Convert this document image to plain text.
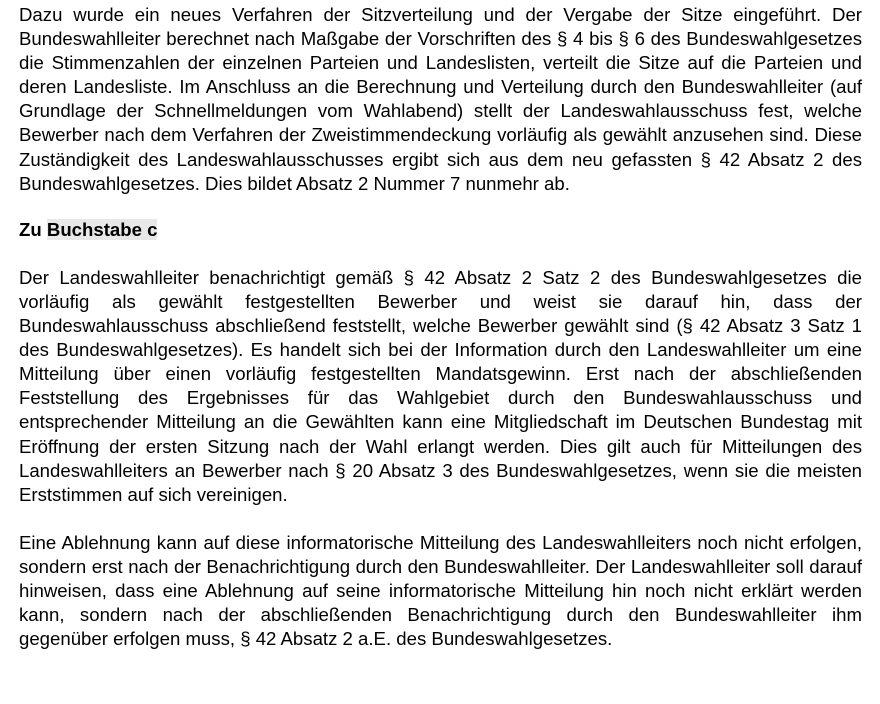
Dazu wurde ein neues Verfahren der Sitzverteilung und der Vergabe der Sitze eingeführt. Der Bundeswahlleiter berechnet nach Maßgabe der Vorschriften des § 4 bis § 6 des Bundeswahlgesetzes die Stimmenzahlen der einzelnen Parteien und Landeslisten, verteilt die Sitze auf die Parteien und deren Landesliste. Im Anschluss an die Berechnung und Verteilung durch den Bundeswahlleiter (auf Grundlage der Schnellmeldungen vom Wahlabend) stellt der Landeswahlausschuss fest, welche Bewerber nach dem Verfahren der Zweistimmendeckung vorläufig als gewählt anzusehen sind. Diese Zuständigkeit des Landeswahlausschusses ergibt sich aus dem neu gefassten § 42 Absatz 2 des Bundeswahlgesetzes. Dies bildet Absatz 2 Nummer 7 nunmehr ab.

Zu Buchstabe c

Der Landeswahlleiter benachrichtigt gemäß § 42 Absatz 2 Satz 2 des Bundeswahlgesetzes die vorläufig als gewählt festgestellten Bewerber und weist sie darauf hin, dass der Bundeswahlausschuss abschließend feststellt, welche Bewerber gewählt sind (§ 42 Absatz 3 Satz 1 des Bundeswahlgesetzes). Es handelt sich bei der Information durch den Landeswahlleiter um eine Mitteilung über einen vorläufig festgestellten Mandatsgewinn. Erst nach der abschließenden Feststellung des Ergebnisses für das Wahlgebiet durch den Bundeswahlausschuss und entsprechender Mitteilung an die Gewählten kann eine Mitgliedschaft im Deutschen Bundestag mit Eröffnung der ersten Sitzung nach der Wahl erlangt werden. Dies gilt auch für Mitteilungen des Landeswahlleiters an Bewerber nach § 20 Absatz 3 des Bundeswahlgesetzes, wenn sie die meisten Erststimmen auf sich vereinigen.

Eine Ablehnung kann auf diese informatorische Mitteilung des Landeswahlleiters noch nicht erfolgen, sondern erst nach der Benachrichtigung durch den Bundeswahlleiter. Der Landeswahlleiter soll darauf hinweisen, dass eine Ablehnung auf seine informatorische Mitteilung hin noch nicht erklärt werden kann, sondern nach der abschließenden Benachrichtigung durch den Bundeswahlleiter ihm gegenüber erfolgen muss, § 42 Absatz 2 a.E. des Bundeswahlgesetzes.
